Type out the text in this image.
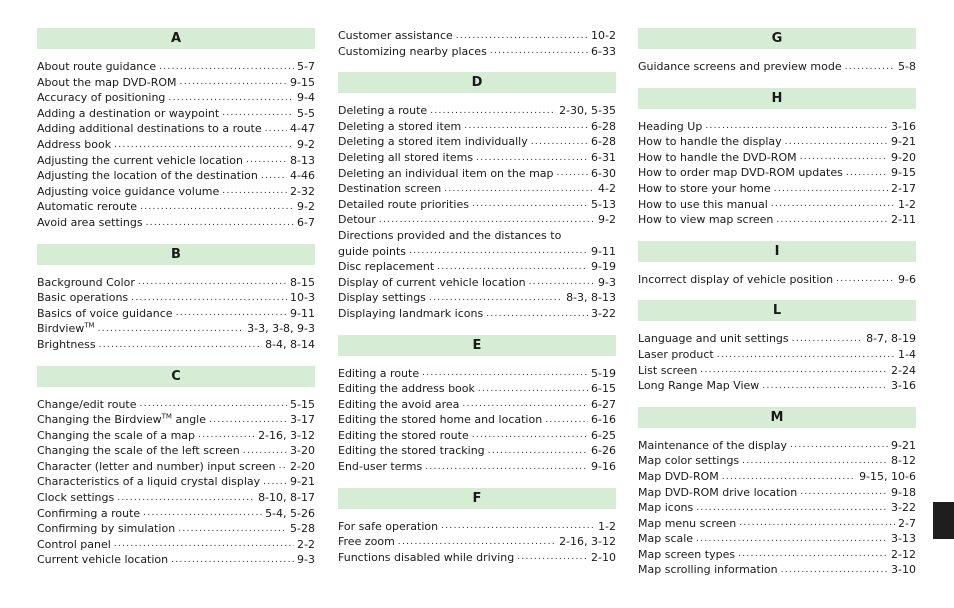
A
About route guidance .....	5-7
About the map DVD-ROM .....	9-15
Accuracy of positioning .....	9-4
Adding a destination or waypoint .....	5-5
Adding additional destinations to a route .....	4-47
Address book .....	9-2
Adjusting the current vehicle location .....	8-13
Adjusting the location of the destination .....	4-46
Adjusting voice guidance volume .....	2-32
Automatic reroute .....	9-2
Avoid area settings .....	6-7
B
Background Color .....	8-15
Basic operations .....	10-3
Basics of voice guidance .....	9-11
Birdview™ .....	3-3, 3-8, 9-3
Brightness .....	8-4, 8-14
C
Change/edit route .....	5-15
Changing the Birdview™ angle .....	3-17
Changing the scale of a map .....	2-16, 3-12
Changing the scale of the left screen .....	3-20
Character (letter and number) input screen ..... 2-20
Characteristics of a liquid crystal display .....	9-21
Clock settings .....	8-10, 8-17
Confirming a route .....	5-4, 5-26
Confirming by simulation .....	5-28
Control panel .....	2-2
Current vehicle location .....	9-3
Customer assistance .....	10-2
Customizing nearby places .....	6-33
D
Deleting a route .....	2-30, 5-35
Deleting a stored item .....	6-28
Deleting a stored item individually .....	6-28
Deleting all stored items .....	6-31
Deleting an individual item on the map .....	6-30
Destination screen .....	4-2
Detailed route priorities .....	5-13
Detour .....	9-2
Directions provided and the distances to
guide points .....	9-11
Disc replacement .....	9-19
Display of current vehicle location .....	9-3
Display settings .....	8-3, 8-13
Displaying landmark icons .....	3-22
E
Editing a route .....	5-19
Editing the address book .....	6-15
Editing the avoid area .....	6-27
Editing the stored home and location .....	6-16
Editing the stored route .....	6-25
Editing the stored tracking .....	6-26
End-user terms .....	9-16
F
For safe operation .....	1-2
Free zoom .....	2-16, 3-12
Functions disabled while driving .....	2-10
G
Guidance screens and preview mode .....	5-8
H
Heading Up .....	3-16
How to handle the display .....	9-21
How to handle the DVD-ROM .....	9-20
How to order map DVD-ROM updates .....	9-15
How to store your home .....	2-17
How to use this manual .....	1-2
How to view map screen .....	2-11
I
Incorrect display of vehicle position .....	9-6
L
Language and unit settings .....	8-7, 8-19
Laser product .....	1-4
List screen .....	2-24
Long Range Map View .....	3-16
M
Maintenance of the display .....	9-21
Map color settings .....	8-12
Map DVD-ROM .....	9-15, 10-6
Map DVD-ROM drive location .....	9-18
Map icons .....	3-22
Map menu screen .....	2-7
Map scale .....	3-13
Map screen types .....	2-12
Map scrolling information .....	3-10
